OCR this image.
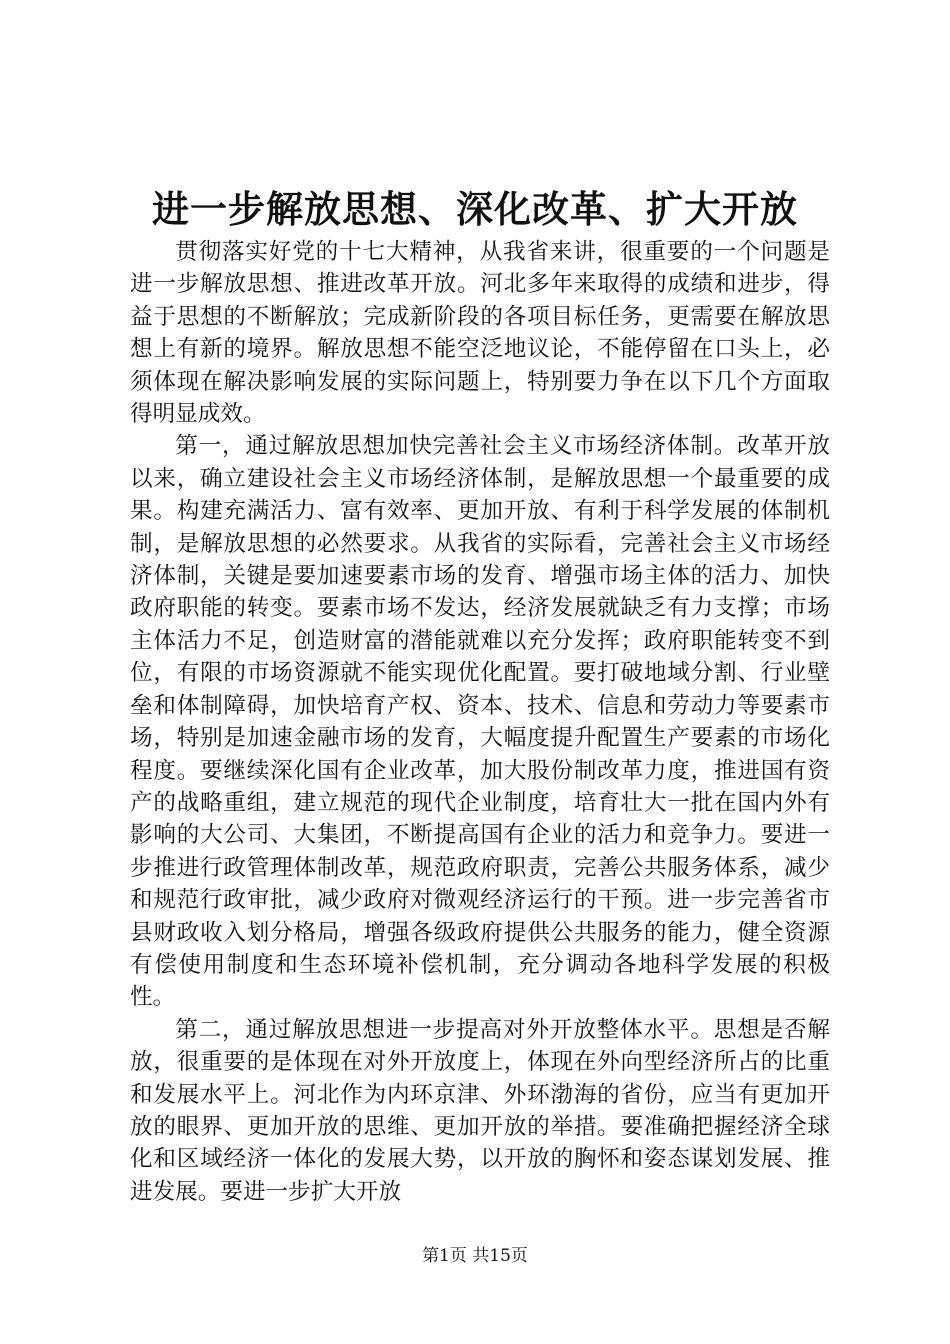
进一步解放思想、深化改革、扩大开放

贯彻落实好党的十七大精神，从我省来讲，很重要的一个问题是进一步解放思想、推进改革开放。河北多年来取得的成绩和进步，得益于思想的不断解放；完成新阶段的各项目标任务，更需要在解放思想上有新的境界。解放思想不能空泛地议论，不能停留在口头上，必须体现在解决影响发展的实际问题上，特别要力争在以下几个方面取得明显成效。

第一，通过解放思想加快完善社会主义市场经济体制。改革开放以来，确立建设社会主义市场经济体制，是解放思想一个最重要的成果。构建充满活力、富有效率、更加开放、有利于科学发展的体制机制，是解放思想的必然要求。从我省的实际看，完善社会主义市场经济体制，关键是要加速要素市场的发育、增强市场主体的活力、加快政府职能的转变。要素市场不发达，经济发展就缺乏有力支撑；市场主体活力不足，创造财富的潜能就难以充分发挥；政府职能转变不到位，有限的市场资源就不能实现优化配置。要打破地域分割、行业壁垒和体制障碍，加快培育产权、资本、技术、信息和劳动力等要素市场，特别是加速金融市场的发育，大幅度提升配置生产要素的市场化程度。要继续深化国有企业改革，加大股份制改革力度，推进国有资产的战略重组，建立规范的现代企业制度，培育壮大一批在国内外有影响的大公司、大集团，不断提高国有企业的活力和竞争力。要进一步推进行政管理体制改革，规范政府职责，完善公共服务体系，减少和规范行政审批，减少政府对微观经济运行的干预。进一步完善省市县财政收入划分格局，增强各级政府提供公共服务的能力，健全资源有偿使用制度和生态环境补偿机制，充分调动各地科学发展的积极性。

第二，通过解放思想进一步提高对外开放整体水平。思想是否解放，很重要的是体现在对外开放度上，体现在外向型经济所占的比重和发展水平上。河北作为内环京津、外环渤海的省份，应当有更加开放的眼界、更加开放的思维、更加开放的举措。要准确把握经济全球化和区域经济一体化的发展大势，以开放的胸怀和姿态谋划发展、推进发展。要进一步扩大开放

第1页 共15页
